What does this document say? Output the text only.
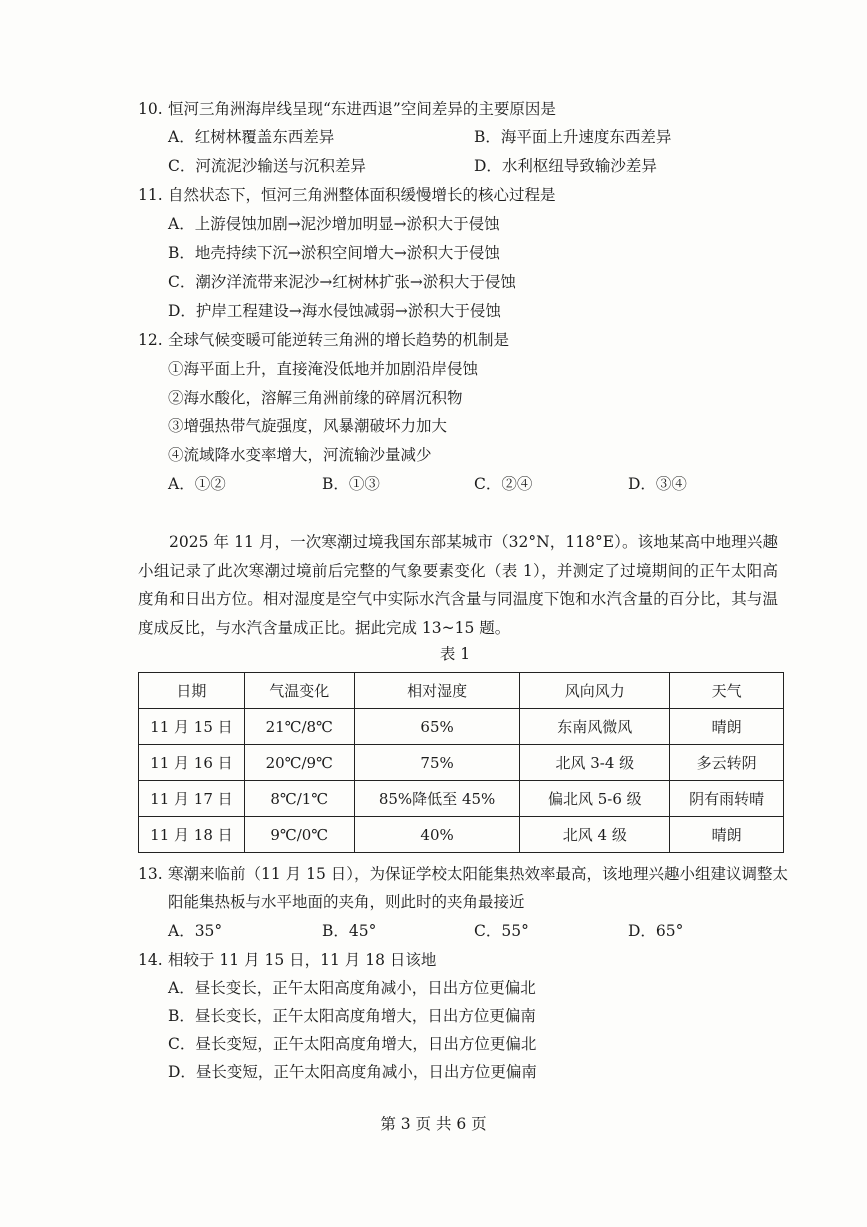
10. 恒河三角洲海岸线呈现“东进西退”空间差异的主要原因是
A．红树林覆盖东西差异	B．海平面上升速度东西差异
C．河流泥沙输送与沉积差异	D．水利枢纽导致输沙差异
11. 自然状态下，恒河三角洲整体面积缓慢增长的核心过程是
A．上游侵蚀加剧→泥沙增加明显→淤积大于侵蚀
B．地壳持续下沉→淤积空间增大→淤积大于侵蚀
C．潮汐洋流带来泥沙→红树林扩张→淤积大于侵蚀
D．护岸工程建设→海水侵蚀减弱→淤积大于侵蚀
12. 全球气候变暖可能逆转三角洲的增长趋势的机制是
①海平面上升，直接淹没低地并加剧沿岸侵蚀
②海水酸化，溶解三角洲前缘的碎屑沉积物
③增强热带气旋强度，风暴潮破坏力加大
④流域降水变率增大，河流输沙量减少
A．①②	B．①③	C．②④	D．③④
2025 年 11 月，一次寒潮过境我国东部某城市（32°N，118°E）。该地某高中地理兴趣小组记录了此次寒潮过境前后完整的气象要素变化（表 1），并测定了过境期间的正午太阳高度角和日出方位。相对湿度是空气中实际水汽含量与同温度下饱和水汽含量的百分比，其与温度成反比，与水汽含量成正比。据此完成 13~15 题。
表 1
日期	气温变化	相对湿度	风向风力	天气
11 月 15 日	21℃/8℃	65%	东南风微风	晴朗
11 月 16 日	20℃/9℃	75%	北风 3-4 级	多云转阴
11 月 17 日	8℃/1℃	85%降低至 45%	偏北风 5-6 级	阴有雨转晴
11 月 18 日	9℃/0℃	40%	北风 4 级	晴朗
13. 寒潮来临前（11 月 15 日），为保证学校太阳能集热效率最高，该地理兴趣小组建议调整太
阳能集热板与水平地面的夹角，则此时的夹角最接近
A．35°	B．45°	C．55°	D．65°
14. 相较于 11 月 15 日，11 月 18 日该地
A．昼长变长，正午太阳高度角减小，日出方位更偏北
B．昼长变长，正午太阳高度角增大，日出方位更偏南
C．昼长变短，正午太阳高度角增大，日出方位更偏北
D．昼长变短，正午太阳高度角减小，日出方位更偏南
第 3 页 共 6 页
